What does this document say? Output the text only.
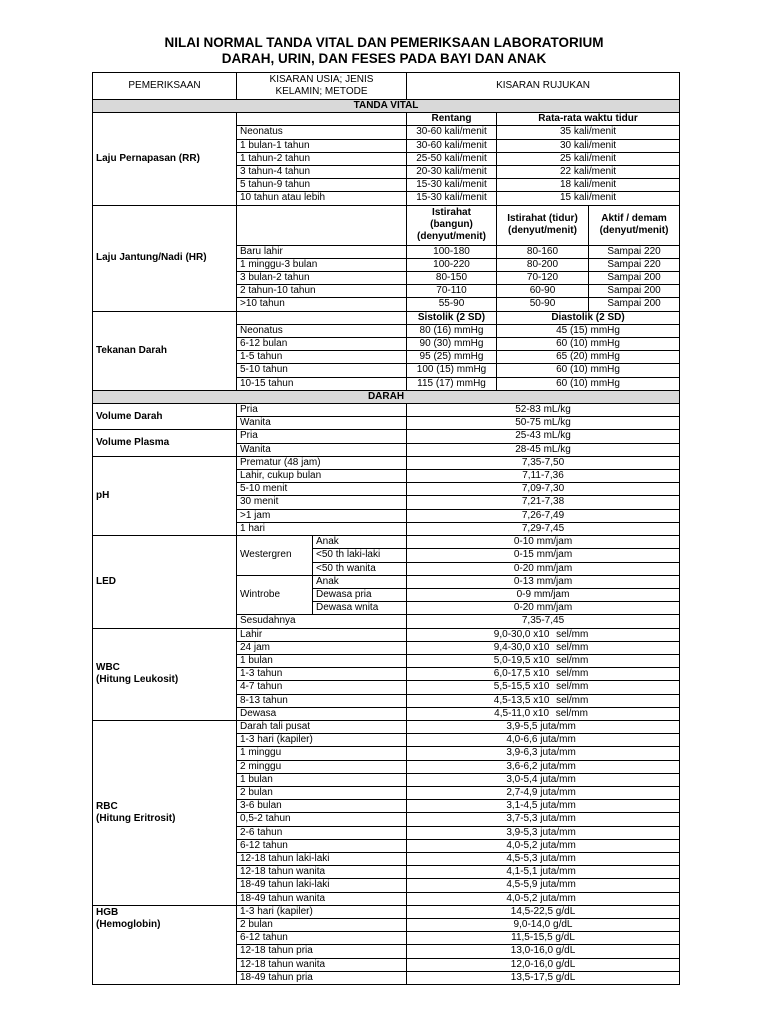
NILAI NORMAL TANDA VITAL DAN PEMERIKSAAN LABORATORIUM
DARAH, URIN, DAN FESES PADA BAYI DAN ANAK
PEMERIKSAAN	KISARAN USIA; JENIS KELAMIN; METODE		KISARAN RUJUKAN		
TANDA VITAL					
Laju Pernapasan (RR)			Rentang	Rata-rata waktu tidur	
	Neonatus		30-60 kali/menit	35 kali/menit	
	1 bulan-1 tahun		30-60 kali/menit	30 kali/menit	
	1 tahun-2 tahun		25-50 kali/menit	25 kali/menit	
	3 tahun-4 tahun		20-30 kali/menit	22 kali/menit	
	5 tahun-9 tahun		15-30 kali/menit	18 kali/menit	
	10 tahun atau lebih		15-30 kali/menit	15 kali/menit	
Laju Jantung/Nadi (HR)			Istirahat (bangun) (denyut/menit)	Istirahat (tidur) (denyut/menit)	Aktif / demam (denyut/menit)
	Baru lahir		100-180	80-160	Sampai 220
	1 minggu-3 bulan		100-220	80-200	Sampai 220
	3 bulan-2 tahun		80-150	70-120	Sampai 200
	2 tahun-10 tahun		70-110	60-90	Sampai 200
	>10 tahun		55-90	50-90	Sampai 200
Tekanan Darah			Sistolik (2 SD)	Diastolik (2 SD)	
	Neonatus		80 (16) mmHg	45 (15) mmHg	
	6-12 bulan		90 (30) mmHg	60 (10) mmHg	
	1-5 tahun		95 (25) mmHg	65 (20) mmHg	
	5-10 tahun		100 (15) mmHg	60 (10) mmHg	
	10-15 tahun		115 (17) mmHg	60 (10) mmHg	
DARAH					
Volume Darah	Pria		52-83 mL/kg		
	Wanita		50-75 mL/kg		
Volume Plasma	Pria		25-43 mL/kg		
	Wanita		28-45 mL/kg		
pH	Prematur (48 jam)		7,35-7,50		
	Lahir, cukup bulan		7,11-7,36		
	5-10 menit		7,09-7,30		
	30 menit		7,21-7,38		
	>1 jam		7,26-7,49		
	1 hari		7,29-7,45		
LED	Westergren	Anak	0-10 mm/jam		
		<50 th laki-laki	0-15 mm/jam		
		<50 th wanita	0-20 mm/jam		
	Wintrobe	Anak	0-13 mm/jam		
		Dewasa pria	0-9 mm/jam		
		Dewasa wnita	0-20 mm/jam		
	Sesudahnya		7,35-7,45		
WBC
(Hitung Leukosit)	Lahir		9,0-30,0 x10 sel/mm		
	24 jam		9,4-30,0 x10 sel/mm		
	1 bulan		5,0-19,5 x10 sel/mm		
	1-3 tahun		6,0-17,5 x10 sel/mm		
	4-7 tahun		5,5-15,5 x10 sel/mm		
	8-13 tahun		4,5-13,5 x10 sel/mm		
	Dewasa		4,5-11,0 x10 sel/mm		
RBC
(Hitung Eritrosit)	Darah tali pusat		3,9-5,5 juta/mm		
	1-3 hari (kapiler)		4,0-6,6 juta/mm		
	1 minggu		3,9-6,3 juta/mm		
	2 minggu		3,6-6,2 juta/mm		
	1 bulan		3,0-5,4 juta/mm		
	2 bulan		2,7-4,9 juta/mm		
	3-6 bulan		3,1-4,5 juta/mm		
	0,5-2 tahun		3,7-5,3 juta/mm		
	2-6 tahun		3,9-5,3 juta/mm		
	6-12 tahun		4,0-5,2 juta/mm		
	12-18 tahun laki-laki		4,5-5,3 juta/mm		
	12-18 tahun wanita		4,1-5,1 juta/mm		
	18-49 tahun laki-laki		4,5-5,9 juta/mm		
	18-49 tahun wanita		4,0-5,2 juta/mm		
HGB
(Hemoglobin)	1-3 hari (kapiler)		14,5-22,5 g/dL		
	2 bulan		9,0-14,0 g/dL		
	6-12 tahun		11,5-15,5 g/dL		
	12-18 tahun pria		13,0-16,0 g/dL		
	12-18 tahun wanita		12,0-16,0 g/dL		
	18-49 tahun pria		13,5-17,5 g/dL		
